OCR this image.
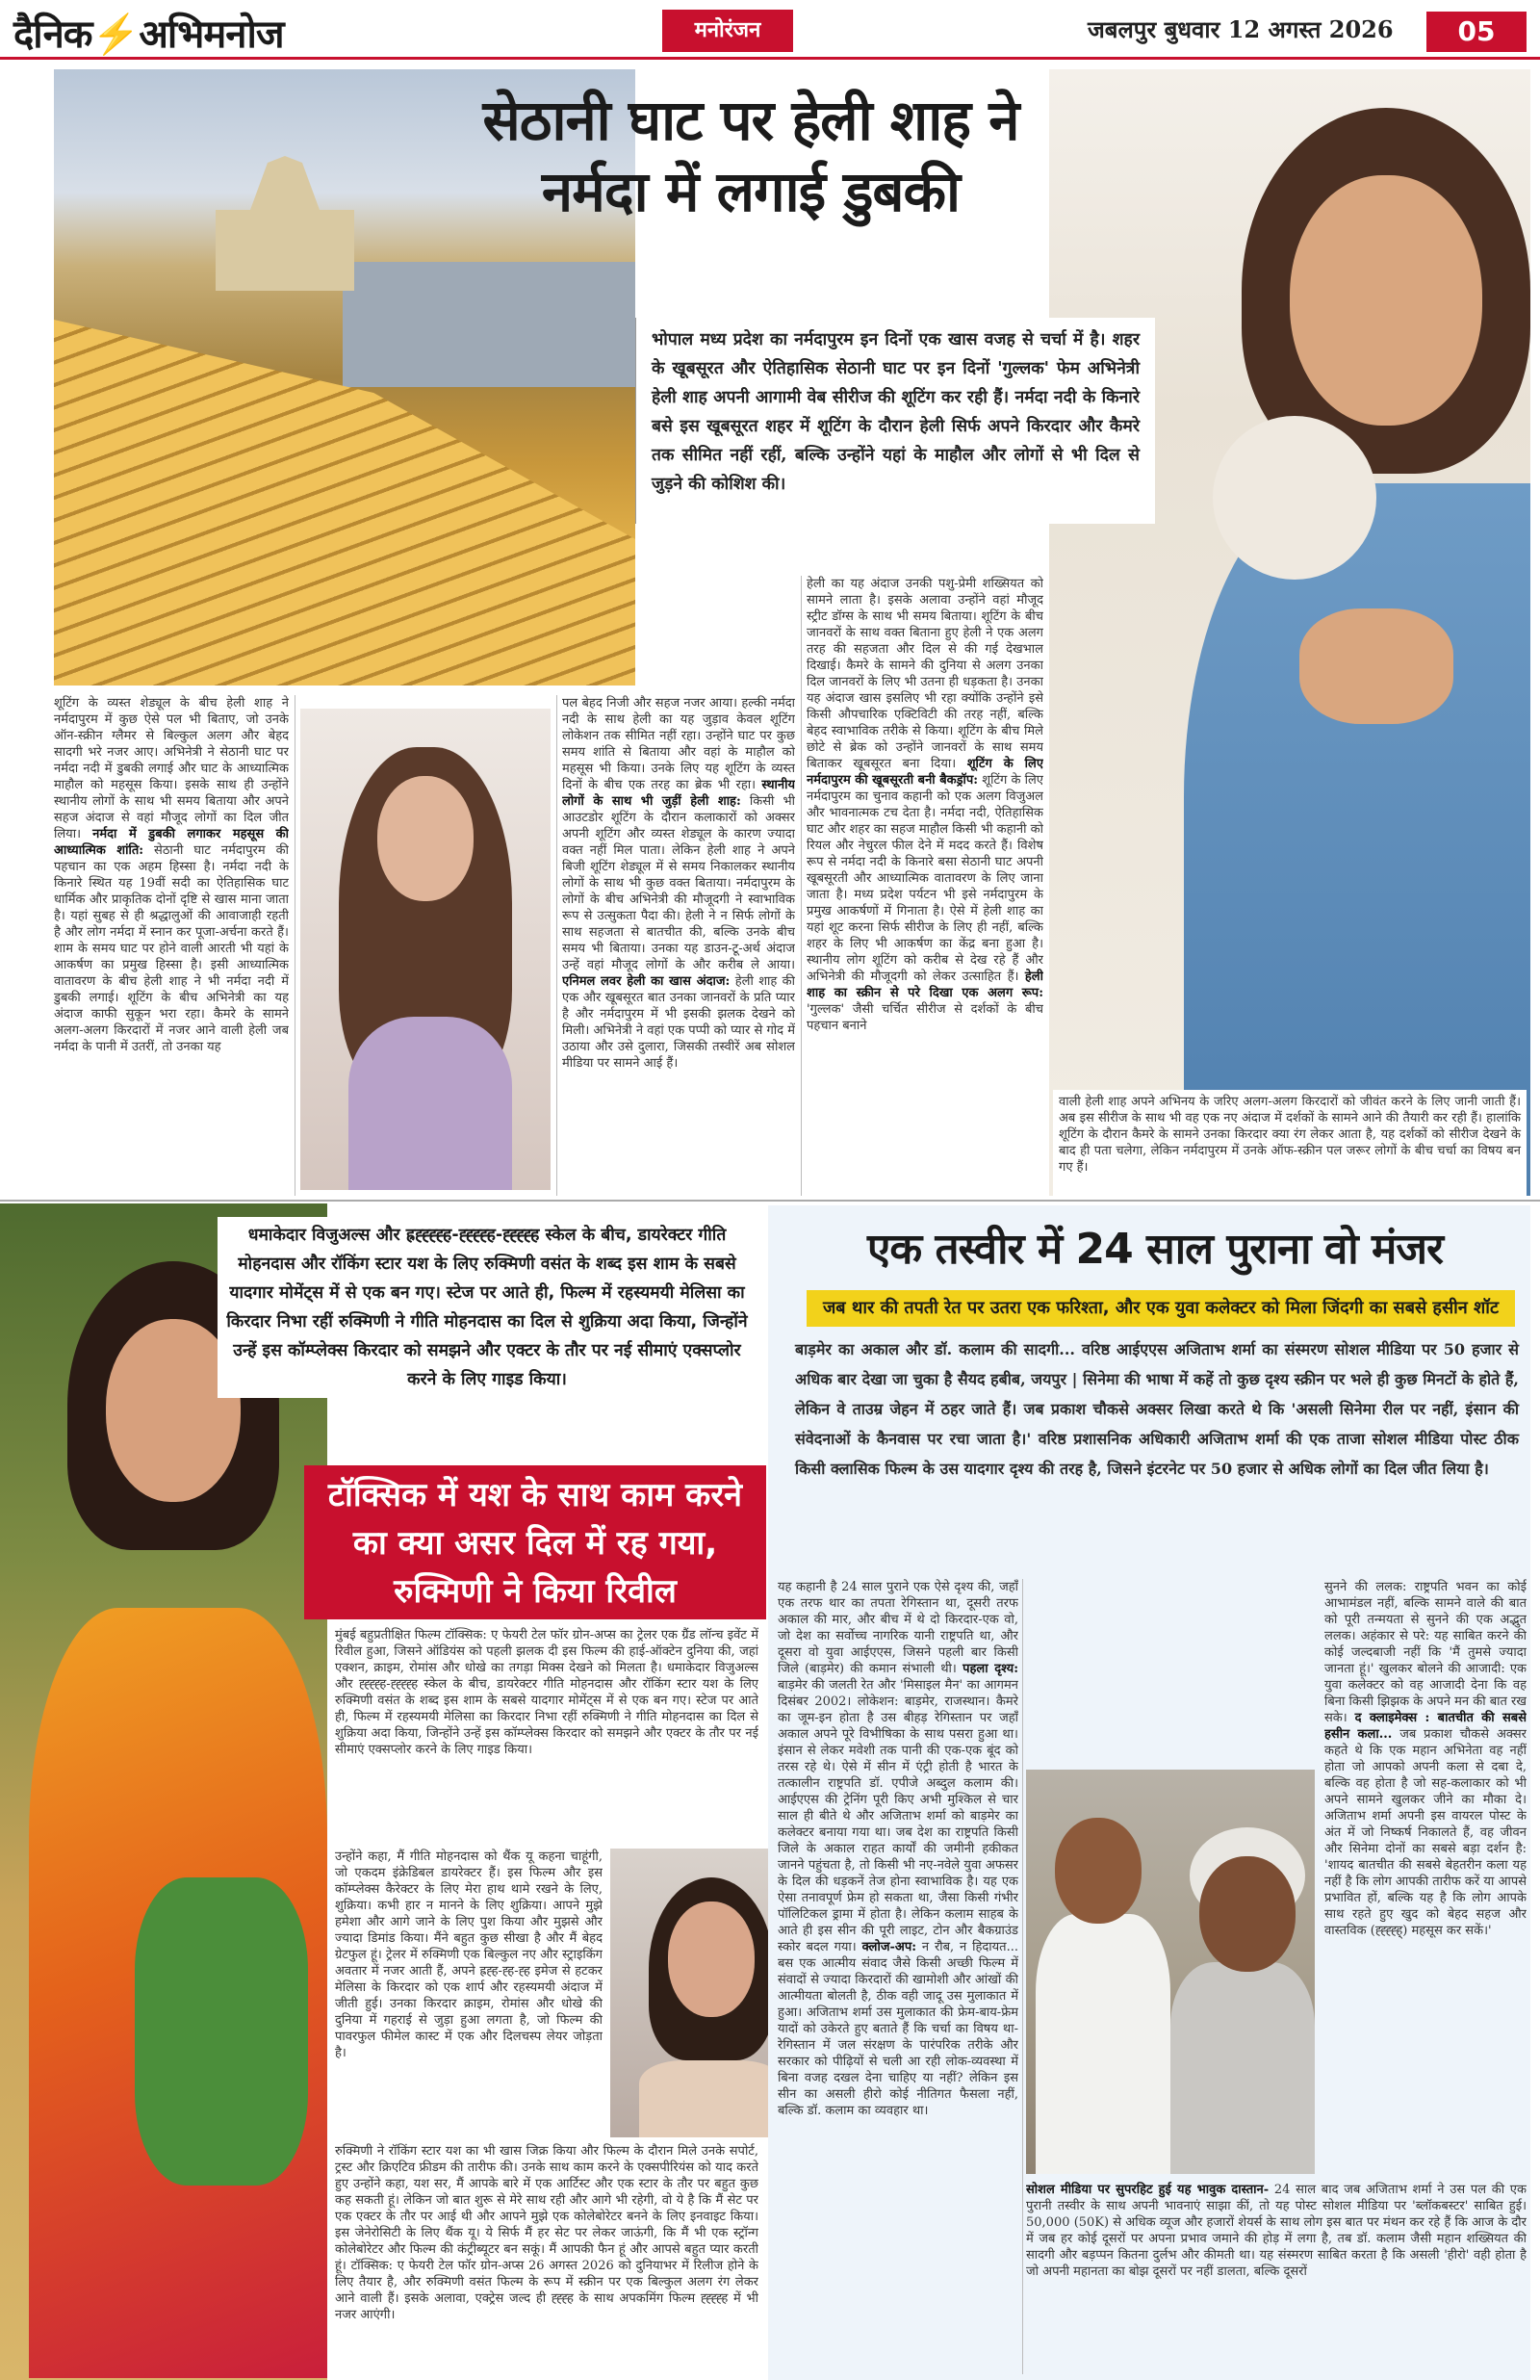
दैनिक⚡अभिमनोज	मनोरंजन	जबलपुर बुधवार 12 अगस्त 2026	05
सेठानी घाट पर हेली शाह ने
नर्मदा में लगाई डुबकी
भोपाल मध्य प्रदेश का नर्मदापुरम इन दिनों एक खास वजह से चर्चा में है। शहर के खूबसूरत और ऐतिहासिक सेठानी घाट पर इन दिनों 'गुल्लक' फेम अभिनेत्री हेली शाह अपनी आगामी वेब सीरीज की शूटिंग कर रही हैं। नर्मदा नदी के किनारे बसे इस खूबसूरत शहर में शूटिंग के दौरान हेली सिर्फ अपने किरदार और कैमरे तक सीमित नहीं रहीं, बल्कि उन्होंने यहां के माहौल और लोगों से भी दिल से जुड़ने की कोशिश की।
शूटिंग के व्यस्त शेड्यूल के बीच हेली शाह ने नर्मदापुरम में कुछ ऐसे पल भी बिताए, जो उनके ऑन-स्क्रीन ग्लैमर से बिल्कुल अलग और बेहद सादगी भरे नजर आए। अभिनेत्री ने सेठानी घाट पर नर्मदा नदी में डुबकी लगाई और घाट के आध्यात्मिक माहौल को महसूस किया। इसके साथ ही उन्होंने स्थानीय लोगों के साथ भी समय बिताया और अपने सहज अंदाज से वहां मौजूद लोगों का दिल जीत लिया। नर्मदा में डुबकी लगाकर महसूस की आध्यात्मिक शांति: सेठानी घाट नर्मदापुरम की पहचान का एक अहम हिस्सा है। नर्मदा नदी के किनारे स्थित यह 19वीं सदी का ऐतिहासिक घाट धार्मिक और प्राकृतिक दोनों दृष्टि से खास माना जाता है। यहां सुबह से ही श्रद्धालुओं की आवाजाही रहती है और लोग नर्मदा में स्नान कर पूजा-अर्चना करते हैं। शाम के समय घाट पर होने वाली आरती भी यहां के आकर्षण का प्रमुख हिस्सा है। इसी आध्यात्मिक वातावरण के बीच हेली शाह ने भी नर्मदा नदी में डुबकी लगाई। शूटिंग के बीच अभिनेत्री का यह अंदाज काफी सुकून भरा रहा। कैमरे के सामने अलग-अलग किरदारों में नजर आने वाली हेली जब नर्मदा के पानी में उतरीं, तो उनका यह
पल बेहद निजी और सहज नजर आया। हल्की नर्मदा नदी के साथ हेली का यह जुड़ाव केवल शूटिंग लोकेशन तक सीमित नहीं रहा। उन्होंने घाट पर कुछ समय शांति से बिताया और वहां के माहौल को महसूस भी किया। उनके लिए यह शूटिंग के व्यस्त दिनों के बीच एक तरह का ब्रेक भी रहा। स्थानीय लोगों के साथ भी जुड़ीं हेली शाह: किसी भी आउटडोर शूटिंग के दौरान कलाकारों को अक्सर अपनी शूटिंग और व्यस्त शेड्यूल के कारण ज्यादा वक्त नहीं मिल पाता। लेकिन हेली शाह ने अपने बिजी शूटिंग शेड्यूल में से समय निकालकर स्थानीय लोगों के साथ भी कुछ वक्त बिताया। नर्मदापुरम के लोगों के बीच अभिनेत्री की मौजूदगी ने स्वाभाविक रूप से उत्सुकता पैदा की। हेली ने न सिर्फ लोगों के साथ सहजता से बातचीत की, बल्कि उनके बीच समय भी बिताया। उनका यह डाउन-टू-अर्थ अंदाज उन्हें वहां मौजूद लोगों के और करीब ले आया। एनिमल लवर हेली का खास अंदाज: हेली शाह की एक और खूबसूरत बात उनका जानवरों के प्रति प्यार है और नर्मदापुरम में भी इसकी झलक देखने को मिली। अभिनेत्री ने वहां एक पप्पी को प्यार से गोद में उठाया और उसे दुलारा, जिसकी तस्वीरें अब सोशल मीडिया पर सामने आई हैं।
हेली का यह अंदाज उनकी पशु-प्रेमी शख्सियत को सामने लाता है। इसके अलावा उन्होंने वहां मौजूद स्ट्रीट डॉग्स के साथ भी समय बिताया। शूटिंग के बीच जानवरों के साथ वक्त बिताना हुए हेली ने एक अलग तरह की सहजता और दिल से की गई देखभाल दिखाई। कैमरे के सामने की दुनिया से अलग उनका दिल जानवरों के लिए भी उतना ही धड़कता है। उनका यह अंदाज खास इसलिए भी रहा क्योंकि उन्होंने इसे किसी औपचारिक एक्टिविटी की तरह नहीं, बल्कि बेहद स्वाभाविक तरीके से किया। शूटिंग के बीच मिले छोटे से ब्रेक को उन्होंने जानवरों के साथ समय बिताकर खूबसूरत बना दिया। शूटिंग के लिए नर्मदापुरम की खूबसूरती बनी बैकड्रॉप: शूटिंग के लिए नर्मदापुरम का चुनाव कहानी को एक अलग विजुअल और भावनात्मक टच देता है। नर्मदा नदी, ऐतिहासिक घाट और शहर का सहज माहौल किसी भी कहानी को रियल और नेचुरल फील देने में मदद करते हैं। विशेष रूप से नर्मदा नदी के किनारे बसा सेठानी घाट अपनी खूबसूरती और आध्यात्मिक वातावरण के लिए जाना जाता है। मध्य प्रदेश पर्यटन भी इसे नर्मदापुरम के प्रमुख आकर्षणों में गिनाता है। ऐसे में हेली शाह का यहां शूट करना सिर्फ सीरीज के लिए ही नहीं, बल्कि शहर के लिए भी आकर्षण का केंद्र बना हुआ है। स्थानीय लोग शूटिंग को करीब से देख रहे हैं और अभिनेत्री की मौजूदगी को लेकर उत्साहित हैं। हेली शाह का स्क्रीन से परे दिखा एक अलग रूप: 'गुल्लक' जैसी चर्चित सीरीज से दर्शकों के बीच पहचान बनाने
वाली हेली शाह अपने अभिनय के जरिए अलग-अलग किरदारों को जीवंत करने के लिए जानी जाती हैं। अब इस सीरीज के साथ भी वह एक नए अंदाज में दर्शकों के सामने आने की तैयारी कर रही हैं। हालांकि शूटिंग के दौरान कैमरे के सामने उनका किरदार क्या रंग लेकर आता है, यह दर्शकों को सीरीज देखने के बाद ही पता चलेगा, लेकिन नर्मदापुरम में उनके ऑफ-स्क्रीन पल जरूर लोगों के बीच चर्चा का विषय बन गए हैं।
धमाकेदार विजुअल्स और ह्रह्ह्ह्ह्ह-ह्ह्ह्ह्ह-ह्ह्ह्ह्ह स्केल के बीच, डायरेक्टर गीति मोहनदास और रॉकिंग स्टार यश के लिए रुक्मिणी वसंत के शब्द इस शाम के सबसे यादगार मोमेंट्स में से एक बन गए। स्टेज पर आते ही, फिल्म में रहस्यमयी मेलिसा का किरदार निभा रहीं रुक्मिणी ने गीति मोहनदास का दिल से शुक्रिया अदा किया, जिन्होंने उन्हें इस कॉम्प्लेक्स किरदार को समझने और एक्टर के तौर पर नई सीमाएं एक्सप्लोर करने के लिए गाइड किया।
टॉक्सिक में यश के साथ काम करने का क्या असर दिल में रह गया, रुक्मिणी ने किया रिवील
मुंबई बहुप्रतीक्षित फिल्म टॉक्सिक: ए फेयरी टेल फॉर ग्रोन-अप्स का ट्रेलर एक ग्रैंड लॉन्च इवेंट में रिवील हुआ, जिसने ऑडियंस को पहली झलक दी इस फिल्म की हाई-ऑक्टेन दुनिया की, जहां एक्शन, क्राइम, रोमांस और धोखे का तगड़ा मिक्स देखने को मिलता है। धमाकेदार विजुअल्स और ह्ह्ह्ह्ह-ह्ह्ह्ह्ह स्केल के बीच, डायरेक्टर गीति मोहनदास और रॉकिंग स्टार यश के लिए रुक्मिणी वसंत के शब्द इस शाम के सबसे यादगार मोमेंट्स में से एक बन गए। स्टेज पर आते ही, फिल्म में रहस्यमयी मेलिसा का किरदार निभा रहीं रुक्मिणी ने गीति मोहनदास का दिल से शुक्रिया अदा किया, जिन्होंने उन्हें इस कॉम्प्लेक्स किरदार को समझने और एक्टर के तौर पर नई सीमाएं एक्सप्लोर करने के लिए गाइड किया।
उन्होंने कहा, मैं गीति मोहनदास को थैंक यू कहना चाहूंगी, जो एकदम इंक्रेडिबल डायरेक्टर हैं। इस फिल्म और इस कॉम्प्लेक्स कैरेक्टर के लिए मेरा हाथ थामे रखने के लिए, शुक्रिया। कभी हार न मानने के लिए शुक्रिया। आपने मुझे हमेशा और आगे जाने के लिए पुश किया और मुझसे और ज्यादा डिमांड किया। मैंने बहुत कुछ सीखा है और मैं बेहद ग्रेटफुल हूं। ट्रेलर में रुक्मिणी एक बिल्कुल नए और स्ट्राइकिंग अवतार में नजर आती हैं, अपने ह्रह्ह-ह्ह-ह्ह इमेज से हटकर मेलिसा के किरदार को एक शार्प और रहस्यमयी अंदाज में जीती हुई। उनका किरदार क्राइम, रोमांस और धोखे की दुनिया में गहराई से जुड़ा हुआ लगता है, जो फिल्म की पावरफुल फीमेल कास्ट में एक और दिलचस्प लेयर जोड़ता है।
रुक्मिणी ने रॉकिंग स्टार यश का भी खास जिक्र किया और फिल्म के दौरान मिले उनके सपोर्ट, ट्रस्ट और क्रिएटिव फ्रीडम की तारीफ की। उनके साथ काम करने के एक्सपीरियंस को याद करते हुए उन्होंने कहा, यश सर, मैं आपके बारे में एक आर्टिस्ट और एक स्टार के तौर पर बहुत कुछ कह सकती हूं। लेकिन जो बात शुरू से मेरे साथ रही और आगे भी रहेगी, वो ये है कि मैं सेट पर एक एक्टर के तौर पर आई थी और आपने मुझे एक कोलेबोरेटर बनने के लिए इनवाइट किया। इस जेनेरोसिटी के लिए थैंक यू। ये सिर्फ मैं हर सेट पर लेकर जाऊंगी, कि मैं भी एक स्ट्रॉन्ग कोलेबोरेटर और फिल्म की कंट्रीब्यूटर बन सकूं। मैं आपकी फैन हूं और आपसे बहुत प्यार करती हूं। टॉक्सिक: ए फेयरी टेल फॉर ग्रोन-अप्स 26 अगस्त 2026 को दुनियाभर में रिलीज होने के लिए तैयार है, और रुक्मिणी वसंत फिल्म के रूप में स्क्रीन पर एक बिल्कुल अलग रंग लेकर आने वाली हैं। इसके अलावा, एक्ट्रेस जल्द ही ह्ह्ह्ह के साथ अपकमिंग फिल्म ह्ह्ह्ह्ह में भी नजर आएंगी।
एक तस्वीर में 24 साल पुराना वो मंजर
जब थार की तपती रेत पर उतरा एक फरिश्ता, और एक युवा कलेक्टर को मिला जिंदगी का सबसे हसीन शॉट
बाड़मेर का अकाल और डॉ. कलाम की सादगी... वरिष्ठ आईएएस अजिताभ शर्मा का संस्मरण सोशल मीडिया पर 50 हजार से अधिक बार देखा जा चुका है सैयद हबीब, जयपुर | सिनेमा की भाषा में कहें तो कुछ दृश्य स्क्रीन पर भले ही कुछ मिनटों के होते हैं, लेकिन वे ताउम्र जेहन में ठहर जाते हैं। जब प्रकाश चौकसे अक्सर लिखा करते थे कि 'असली सिनेमा रील पर नहीं, इंसान की संवेदनाओं के कैनवास पर रचा जाता है।' वरिष्ठ प्रशासनिक अधिकारी अजिताभ शर्मा की एक ताजा सोशल मीडिया पोस्ट ठीक किसी क्लासिक फिल्म के उस यादगार दृश्य की तरह है, जिसने इंटरनेट पर 50 हजार से अधिक लोगों का दिल जीत लिया है।
यह कहानी है 24 साल पुराने एक ऐसे दृश्य की, जहाँ एक तरफ थार का तपता रेगिस्तान था, दूसरी तरफ अकाल की मार, और बीच में थे दो किरदार-एक वो, जो देश का सर्वोच्च नागरिक यानी राष्ट्रपति था, और दूसरा वो युवा आईएएस, जिसने पहली बार किसी जिले (बाड़मेर) की कमान संभाली थी। पहला दृश्य: बाड़मेर की जलती रेत और 'मिसाइल मैन' का आगमन दिसंबर 2002। लोकेशन: बाड़मेर, राजस्थान। कैमरे का जूम-इन होता है उस बीहड़ रेगिस्तान पर जहाँ अकाल अपने पूरे विभीषिका के साथ पसरा हुआ था। इंसान से लेकर मवेशी तक पानी की एक-एक बूंद को तरस रहे थे। ऐसे में सीन में एंट्री होती है भारत के तत्कालीन राष्ट्रपति डॉ. एपीजे अब्दुल कलाम की। आईएएस की ट्रेनिंग पूरी किए अभी मुश्किल से चार साल ही बीते थे और अजिताभ शर्मा को बाड़मेर का कलेक्टर बनाया गया था। जब देश का राष्ट्रपति किसी जिले के अकाल राहत कार्यों की जमीनी हकीकत जानने पहुंचता है, तो किसी भी नए-नवेले युवा अफसर के दिल की धड़कनें तेज होना स्वाभाविक है। यह एक ऐसा तनावपूर्ण फ्रेम हो सकता था, जैसा किसी गंभीर पॉलिटिकल ड्रामा में होता है। लेकिन कलाम साहब के आते ही इस सीन की पूरी लाइट, टोन और बैकग्राउंड स्कोर बदल गया। क्लोज-अप: न रौब, न हिदायत... बस एक आत्मीय संवाद जैसे किसी अच्छी फिल्म में संवादों से ज्यादा किरदारों की खामोशी और आंखों की आत्मीयता बोलती है, ठीक वही जादू उस मुलाकात में हुआ। अजिताभ शर्मा उस मुलाकात की फ्रेम-बाय-फ्रेम यादों को उकेरते हुए बताते हैं कि चर्चा का विषय था-रेगिस्तान में जल संरक्षण के पारंपरिक तरीके और सरकार को पीढ़ियों से चली आ रही लोक-व्यवस्था में बिना वजह दखल देना चाहिए या नहीं? लेकिन इस सीन का असली हीरो कोई नीतिगत फैसला नहीं, बल्कि डॉ. कलाम का व्यवहार था।
सुनने की ललक: राष्ट्रपति भवन का कोई आभामंडल नहीं, बल्कि सामने वाले की बात को पूरी तन्मयता से सुनने की एक अद्भुत ललक। अहंकार से परे: यह साबित करने की कोई जल्दबाजी नहीं कि 'मैं तुमसे ज्यादा जानता हूं।' खुलकर बोलने की आजादी: एक युवा कलेक्टर को वह आजादी देना कि वह बिना किसी झिझक के अपने मन की बात रख सके। द क्लाइमेक्स : बातचीत की सबसे हसीन कला... जब प्रकाश चौकसे अक्सर कहते थे कि एक महान अभिनेता वह नहीं होता जो आपको अपनी कला से दबा दे, बल्कि वह होता है जो सह-कलाकार को भी अपने सामने खुलकर जीने का मौका दे। अजिताभ शर्मा अपनी इस वायरल पोस्ट के अंत में जो निष्कर्ष निकालते हैं, वह जीवन और सिनेमा दोनों का सबसे बड़ा दर्शन है: 'शायद बातचीत की सबसे बेहतरीन कला यह नहीं है कि लोग आपकी तारीफ करें या आपसे प्रभावित हों, बल्कि यह है कि लोग आपके साथ रहते हुए खुद को बेहद सहज और वास्तविक (ह्ह्ह्ह्ह्) महसूस कर सकें।'
सोशल मीडिया पर सुपरहिट हुई यह भावुक दास्तान- 24 साल बाद जब अजिताभ शर्मा ने उस पल की एक पुरानी तस्वीर के साथ अपनी भावनाएं साझा कीं, तो यह पोस्ट सोशल मीडिया पर 'ब्लॉकबस्टर' साबित हुई। 50,000 (50K) से अधिक व्यूज और हजारों शेयर्स के साथ लोग इस बात पर मंथन कर रहे हैं कि आज के दौर में जब हर कोई दूसरों पर अपना प्रभाव जमाने की होड़ में लगा है, तब डॉ. कलाम जैसी महान शख्सियत की सादगी और बड़प्पन कितना दुर्लभ और कीमती था। यह संस्मरण साबित करता है कि असली 'हीरो' वही होता है जो अपनी महानता का बोझ दूसरों पर नहीं डालता, बल्कि दूसरों
